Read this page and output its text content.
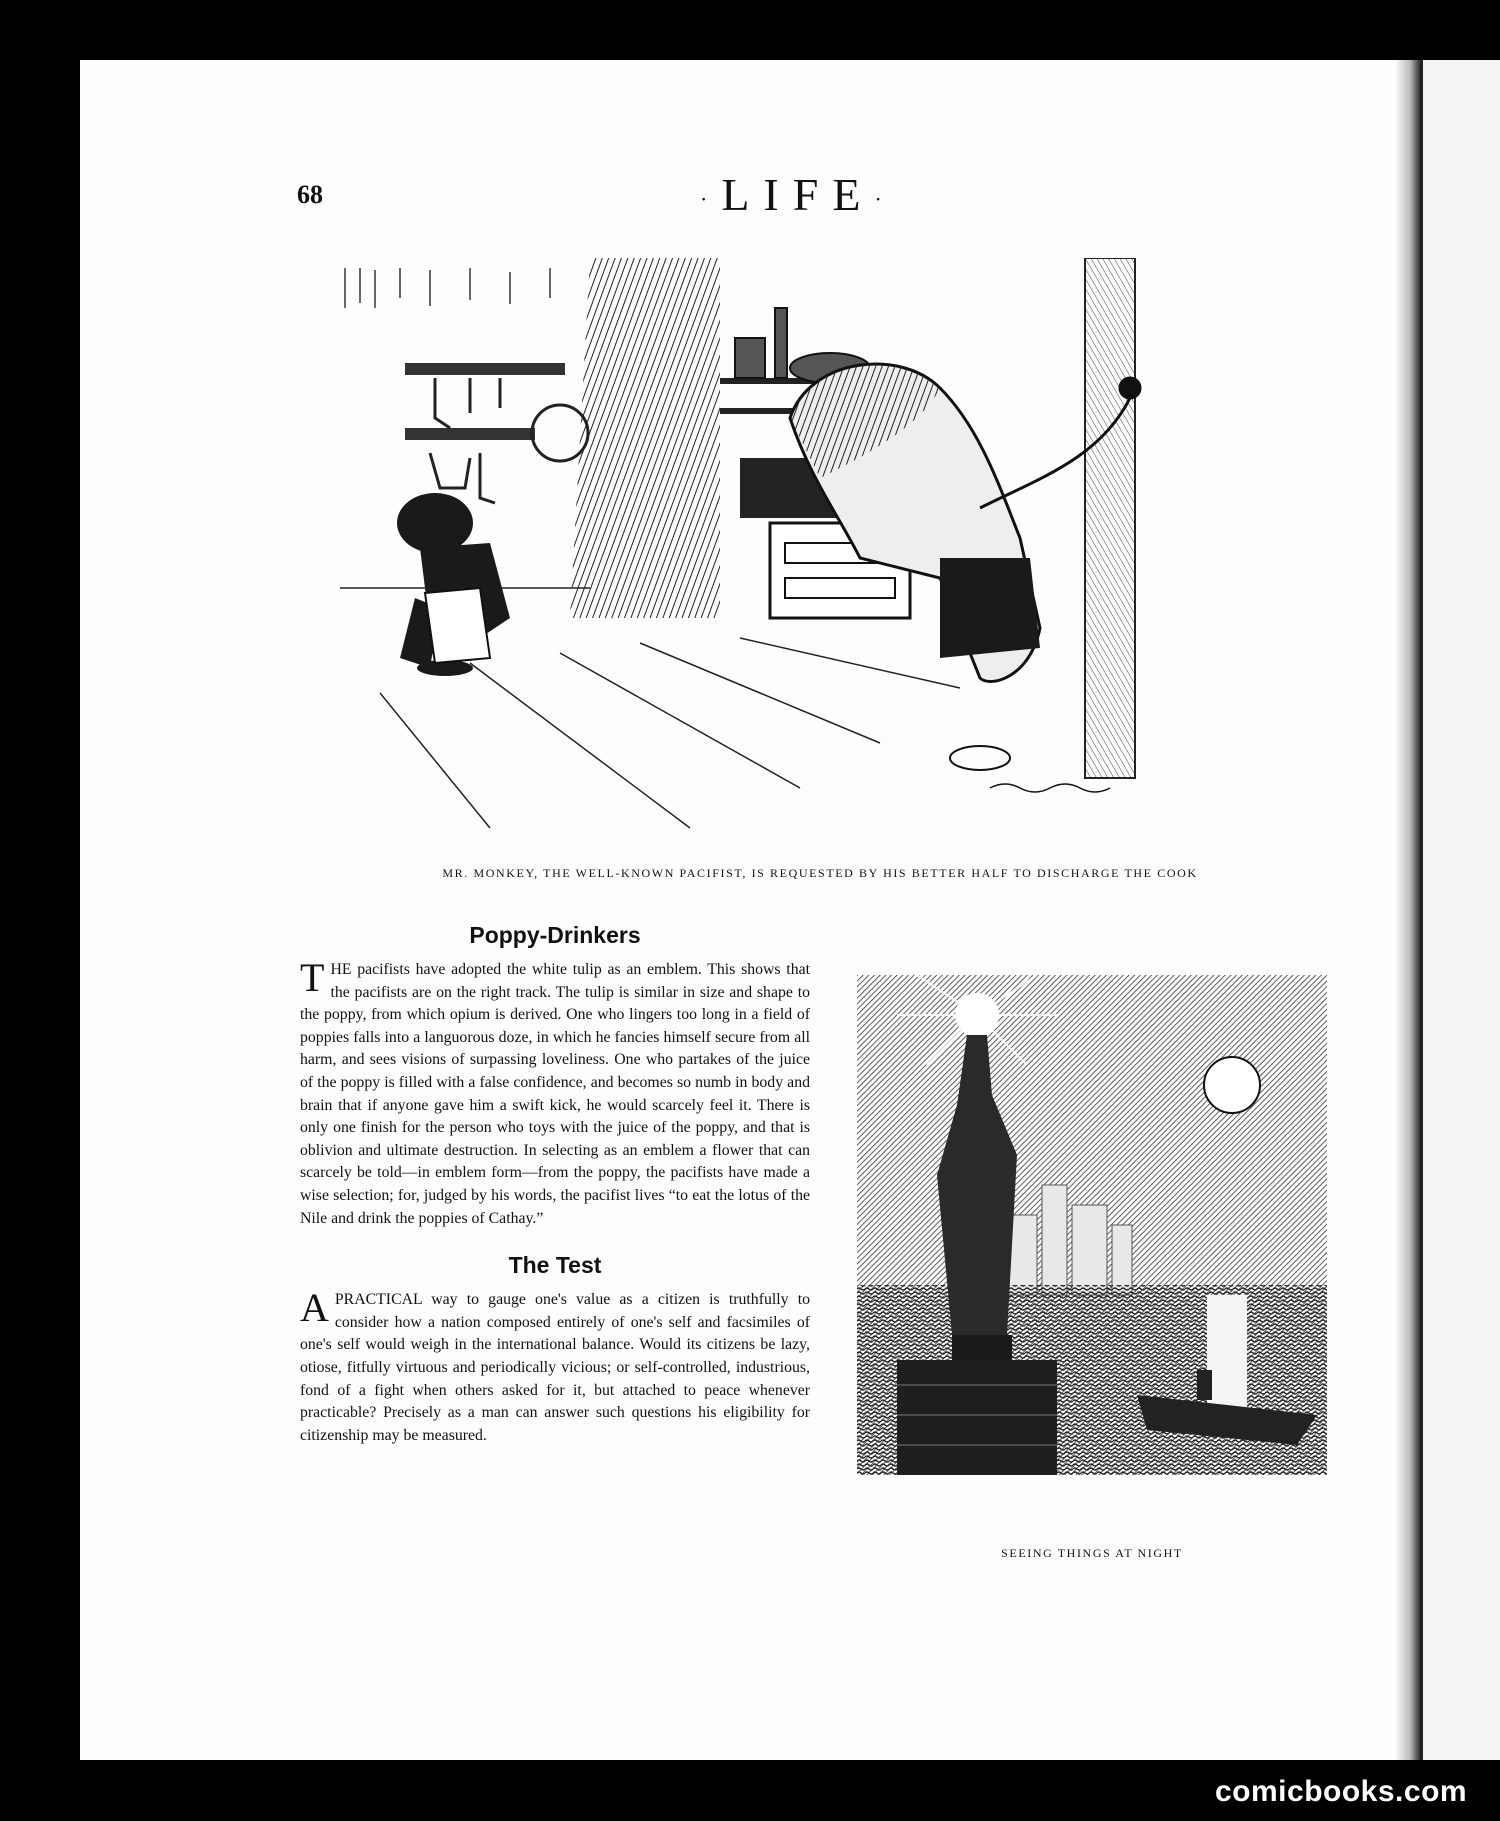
68	·LIFE·
MR. MONKEY, THE WELL-KNOWN PACIFIST, IS REQUESTED BY HIS BETTER HALF TO DISCHARGE THE COOK
Poppy-Drinkers

THE pacifists have adopted the white tulip as an emblem. This shows that the pacifists are on the right track. The tulip is similar in size and shape to the poppy, from which opium is derived. One who lingers too long in a field of poppies falls into a languorous doze, in which he fancies himself secure from all harm, and sees visions of surpassing loveliness. One who partakes of the juice of the poppy is filled with a false confidence, and becomes so numb in body and brain that if anyone gave him a swift kick, he would scarcely feel it. There is only one finish for the person who toys with the juice of the poppy, and that is oblivion and ultimate destruction. In selecting as an emblem a flower that can scarcely be told—in emblem form—from the poppy, the pacifists have made a wise selection; for, judged by his words, the pacifist lives “to eat the lotus of the Nile and drink the poppies of Cathay.”

The Test

APRACTICAL way to gauge one's value as a citizen is truthfully to consider how a nation composed entirely of one's self and facsimiles of one's self would weigh in the international balance. Would its citizens be lazy, otiose, fitfully virtuous and periodically vicious; or self-controlled, industrious, fond of a fight when others asked for it, but attached to peace whenever practicable? Precisely as a man can answer such questions his eligibility for citizenship may be measured.

SEEING THINGS AT NIGHT
comicbooks.com
